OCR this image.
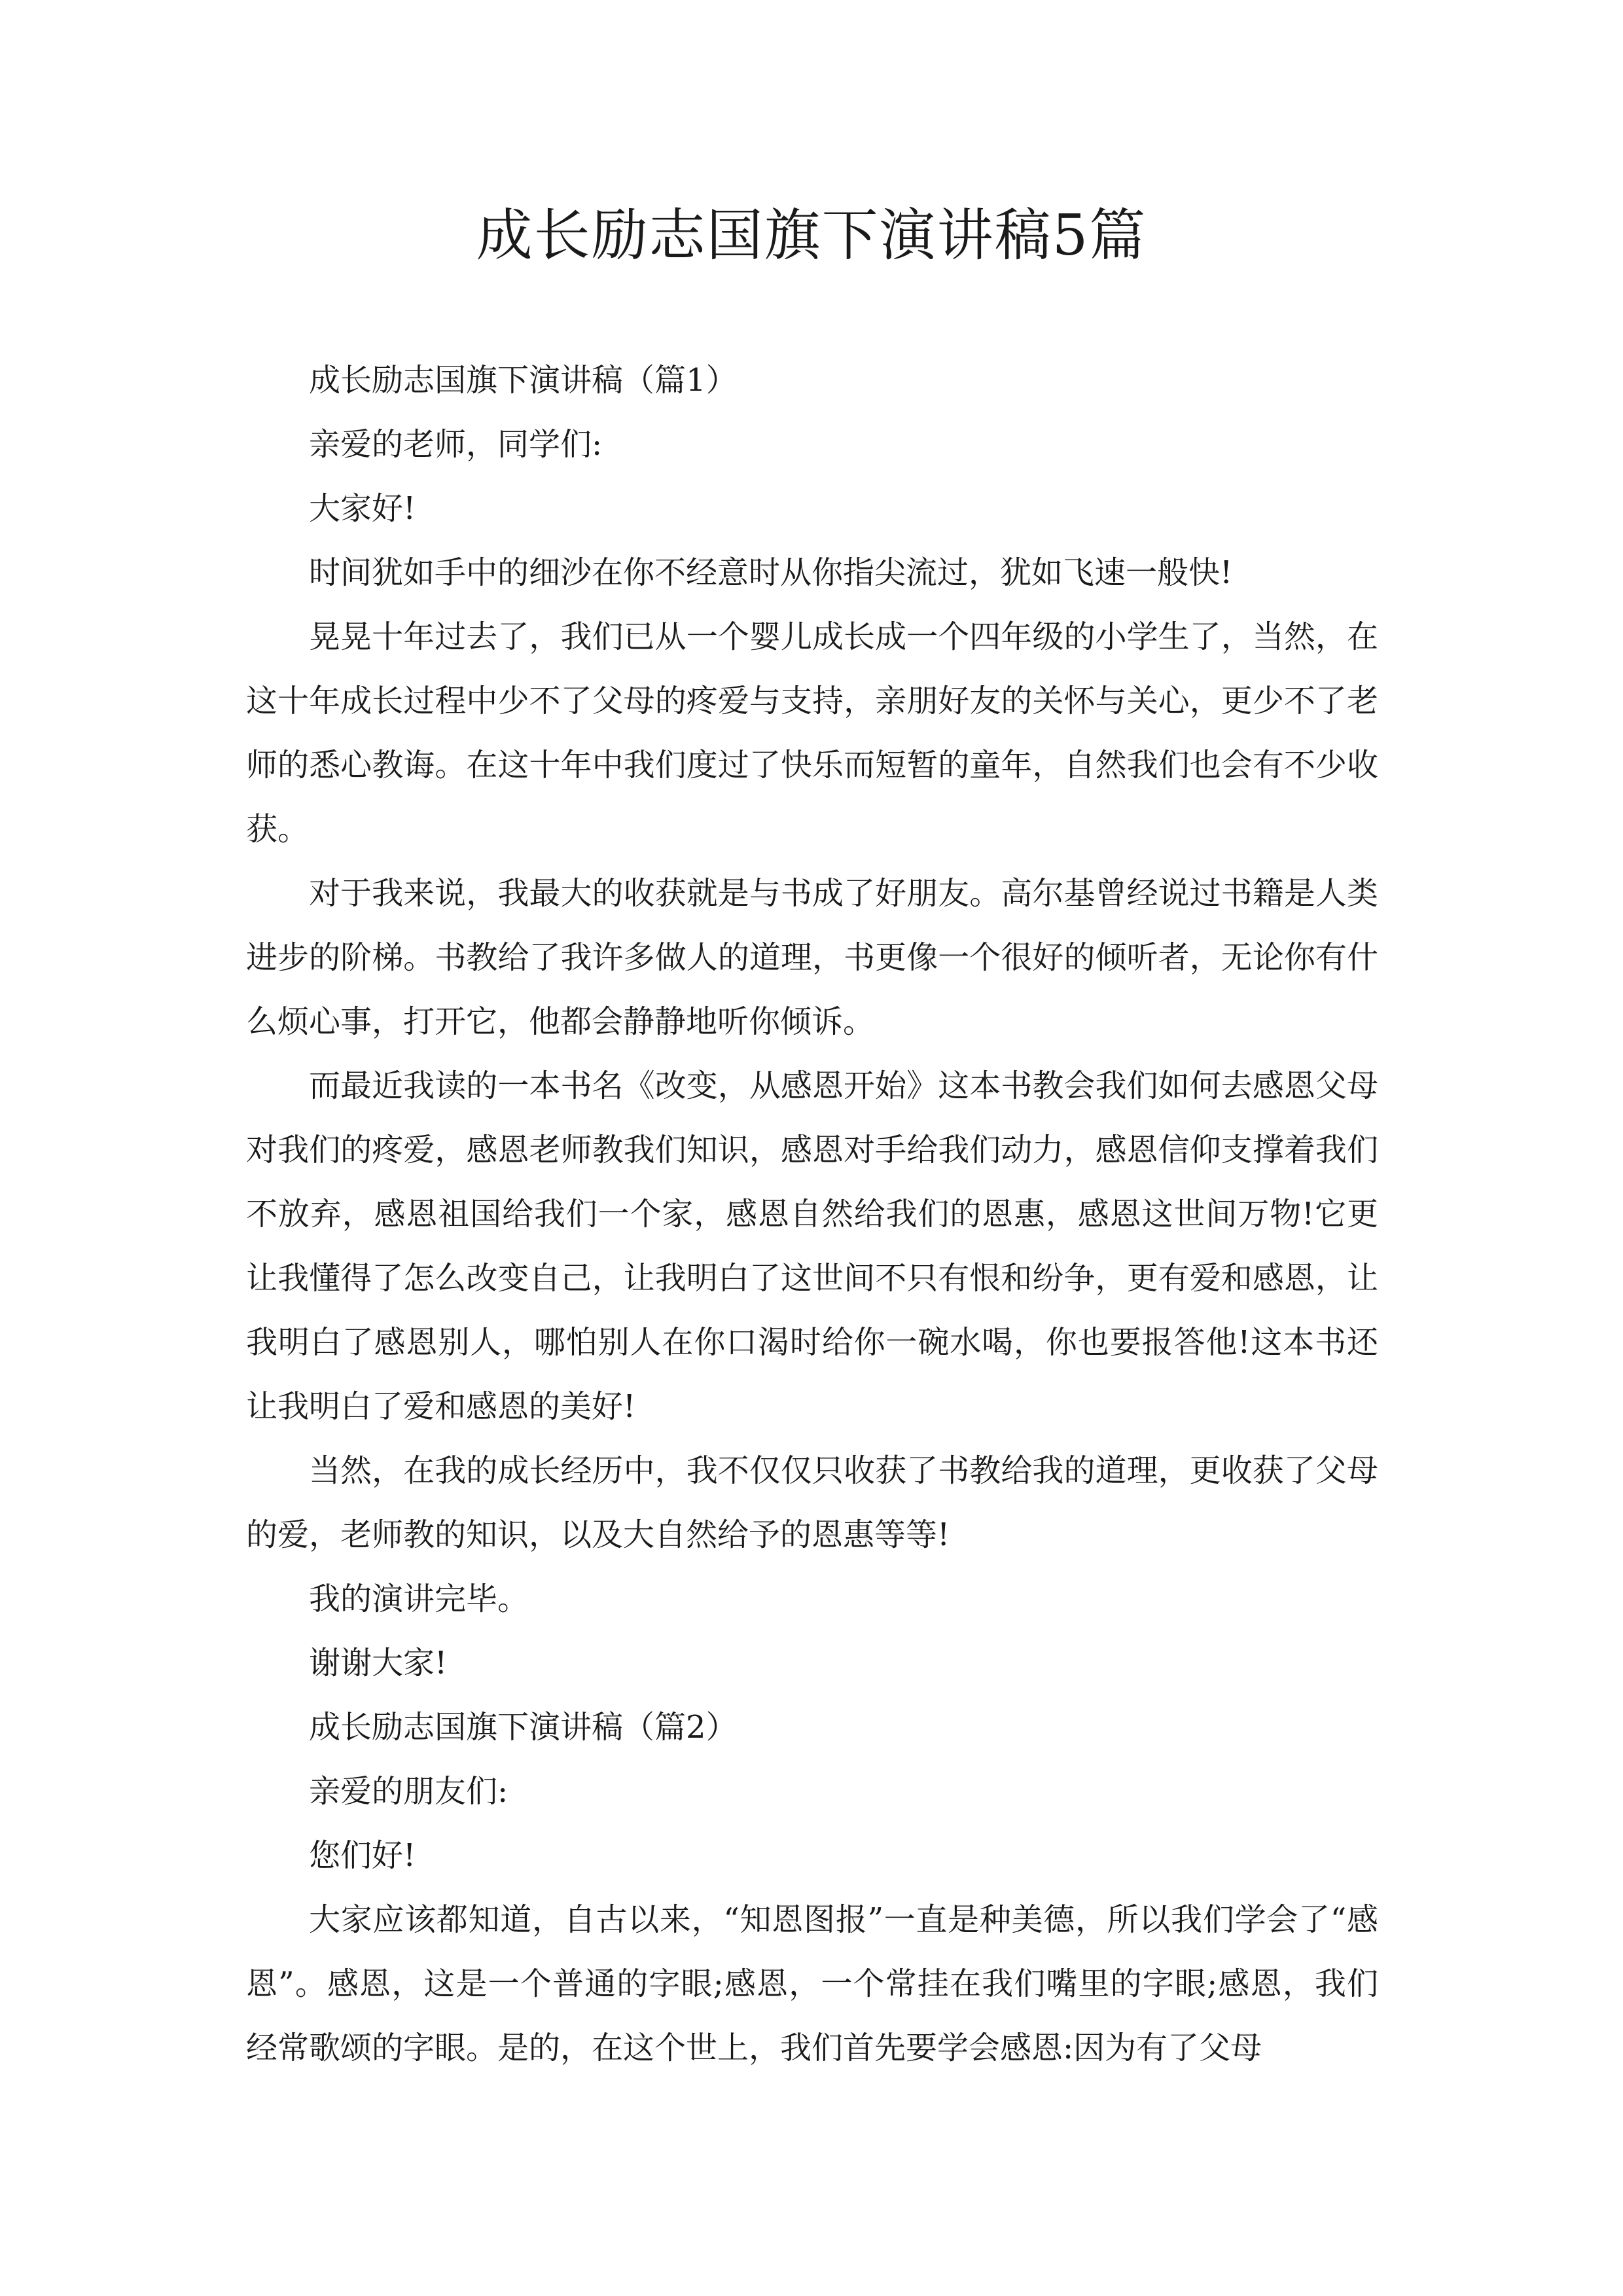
成长励志国旗下演讲稿5篇

成长励志国旗下演讲稿（篇1）

亲爱的老师，同学们:

大家好!

时间犹如手中的细沙在你不经意时从你指尖流过，犹如飞速一般快!

晃晃十年过去了，我们已从一个婴儿成长成一个四年级的小学生了，当然，在这十年成长过程中少不了父母的疼爱与支持，亲朋好友的关怀与关心，更少不了老师的悉心教诲。在这十年中我们度过了快乐而短暂的童年，自然我们也会有不少收获。

对于我来说，我最大的收获就是与书成了好朋友。高尔基曾经说过书籍是人类进步的阶梯。书教给了我许多做人的道理，书更像一个很好的倾听者，无论你有什么烦心事，打开它，他都会静静地听你倾诉。

而最近我读的一本书名《改变，从感恩开始》这本书教会我们如何去感恩父母对我们的疼爱，感恩老师教我们知识，感恩对手给我们动力，感恩信仰支撑着我们不放弃，感恩祖国给我们一个家，感恩自然给我们的恩惠，感恩这世间万物!它更让我懂得了怎么改变自己，让我明白了这世间不只有恨和纷争，更有爱和感恩，让我明白了感恩别人，哪怕别人在你口渴时给你一碗水喝，你也要报答他!这本书还让我明白了爱和感恩的美好!

当然，在我的成长经历中，我不仅仅只收获了书教给我的道理，更收获了父母的爱，老师教的知识，以及大自然给予的恩惠等等!

我的演讲完毕。

谢谢大家!

成长励志国旗下演讲稿（篇2）

亲爱的朋友们:

您们好!

大家应该都知道，自古以来，“知恩图报”一直是种美德，所以我们学会了“感恩”。感恩，这是一个普通的字眼;感恩，一个常挂在我们嘴里的字眼;感恩，我们经常歌颂的字眼。是的，在这个世上，我们首先要学会感恩:因为有了父母
